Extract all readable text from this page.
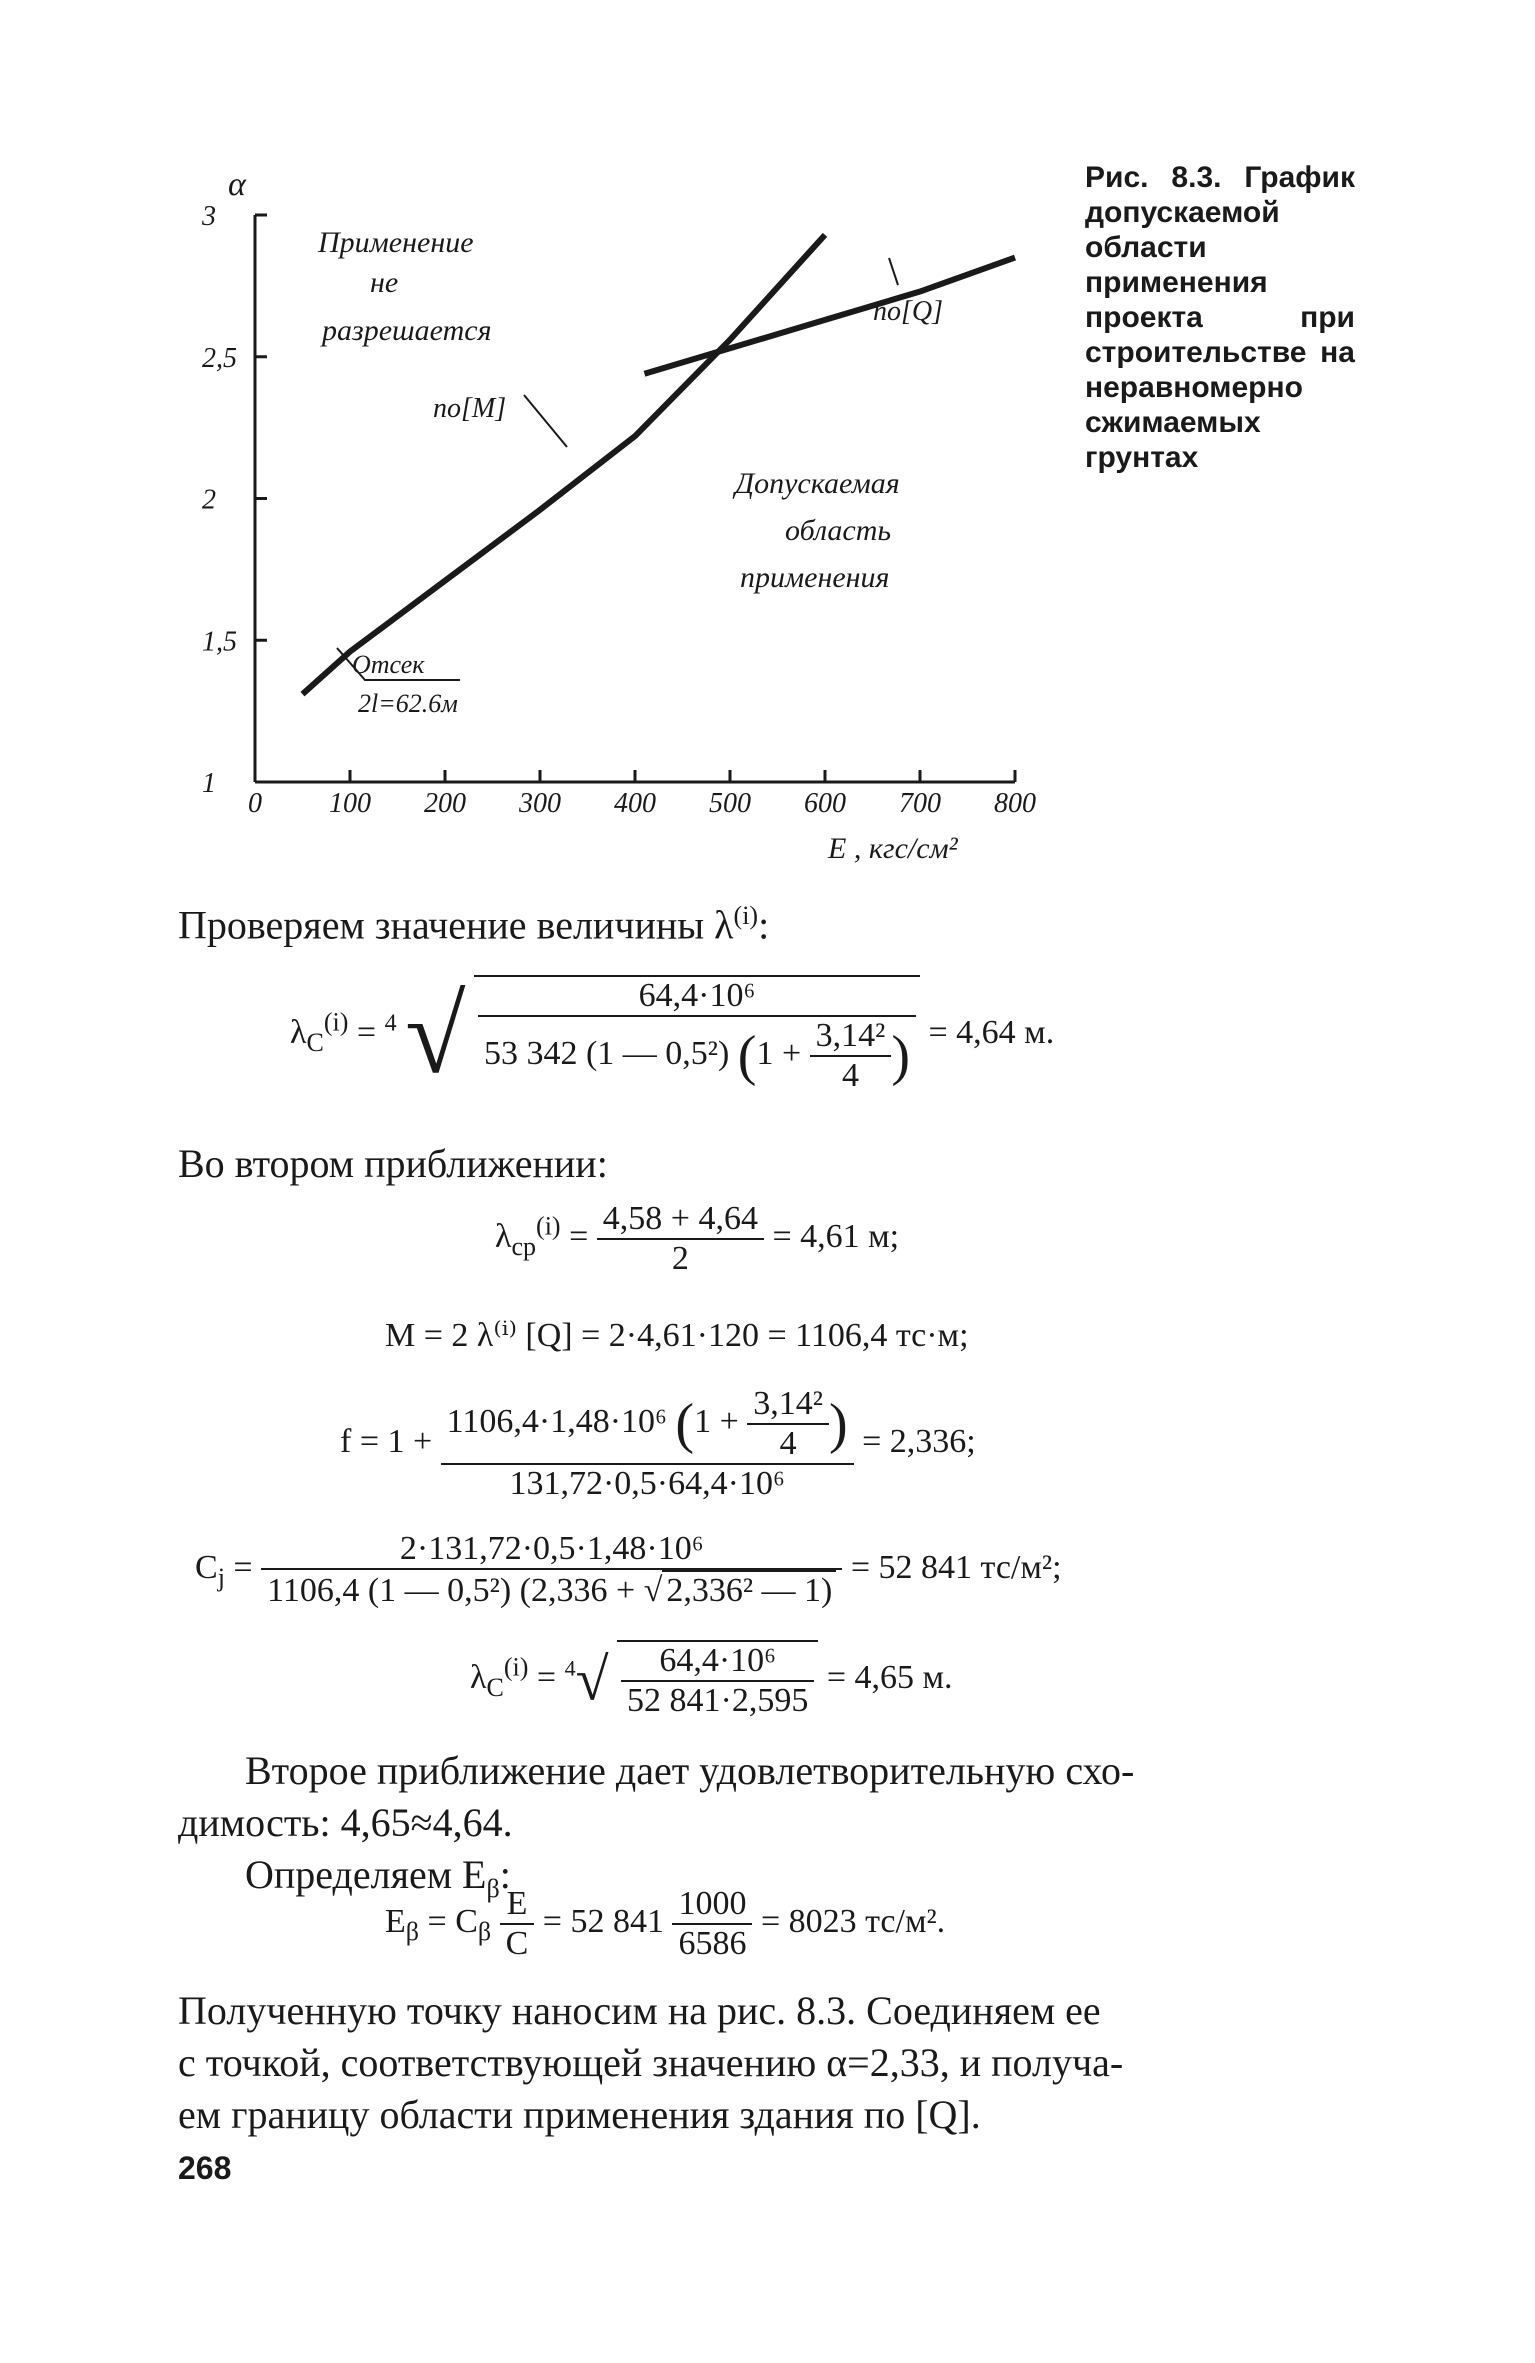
1
1,5
2
2,5
3
0 100 200 300 400 500 600 700 800
α
E , кгс/см²
Применение
не
разрешается
по[М]
по[Q]
Допускаемая
область
применения
Отсек
2l=62.6м
Рис. 8.3. График допускаемой области применения проекта при строительстве на неравномерно сжимаемых грунтах
Проверяем значение величины $\lambda^{(i)}$:
$\lambda_C^{(i)} = ^4$ √ $\frac{\text{64,4·10⁶}}{53 342 (1 — 0,5^2) (1 + \frac{\text{3,14²}}{4} )} = 4,64$ м.
Во втором приближении:
$\lambda_{cp}^{(i)} = \frac{4,58 + 4,64}{2} = 4,61$ м;
M = 2 λ⁽ⁱ⁾ [Q] = 2·4,61·120 = 1106,4 тс·м;
$f = 1 + \frac{1106,4\cdot 1,48\cdot 10^6 (1 + \frac{\text{3,14²}}{4} )}{\text{131,72·0,5·64,4·10⁶}} = 2,336$;
$C_j = \frac{\text{2·131,72·0,5·1,48·10⁶}}{\text{1106,4 (1 — 0,5²) (2,336 + √ 2,336² — 1)}} = 52$ 841 тс/м²;
$\lambda_C^{(i)} = ^4√ \frac{\text{64,4·10⁶}}{52 841\cdot 2,595} = 4,65$ м.
Второе приближение дает удовлетворительную схо-
димость: 4,65≈4,64.
Определяем $E_\beta$:
$E_\beta = C_\beta \frac{E}{C} = 52$ $841 \frac{1000}{6586} = 8023$ тс/м².
Полученную точку наносим на рис. 8.3. Соединяем ее
с точкой, соответствующей значению α=2,33, и получа-
ем границу области применения здания по [Q].
268
